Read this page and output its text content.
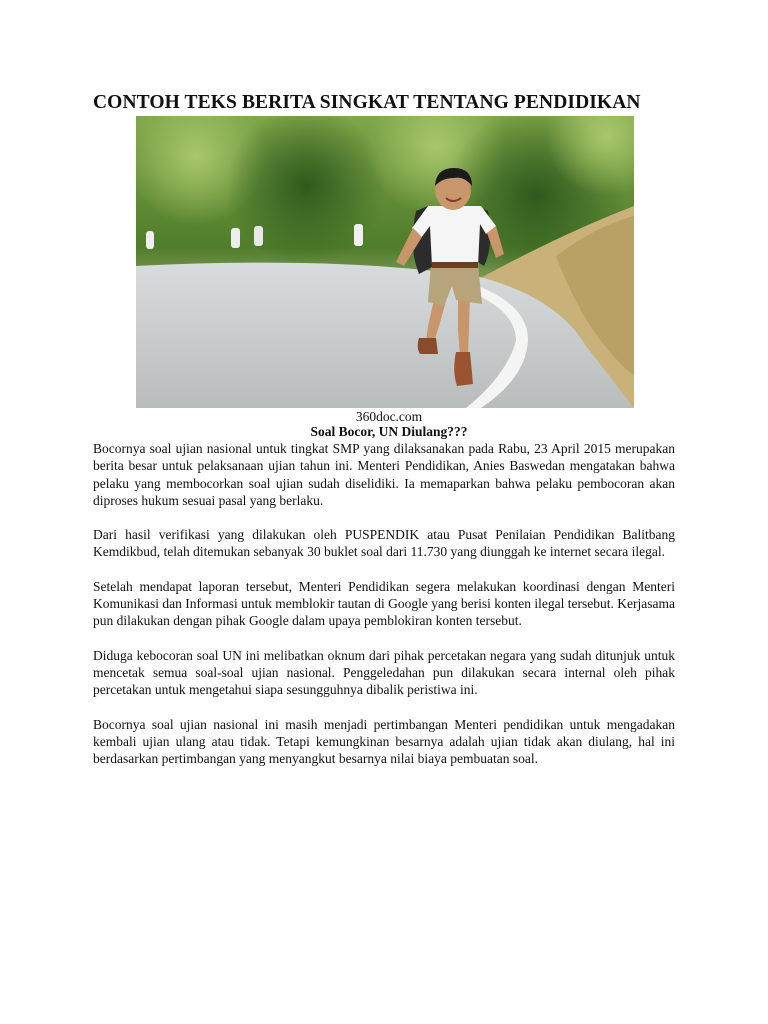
CONTOH TEKS BERITA SINGKAT TENTANG PENDIDIKAN
360doc.com
Soal Bocor, UN Diulang???

Bocornya soal ujian nasional untuk tingkat SMP yang dilaksanakan pada Rabu, 23 April 2015 merupakan berita besar untuk pelaksanaan ujian tahun ini. Menteri Pendidikan, Anies Baswedan mengatakan bahwa pelaku yang membocorkan soal ujian sudah diselidiki. Ia memaparkan bahwa pelaku pembocoran akan diproses hukum sesuai pasal yang berlaku.

Dari hasil verifikasi yang dilakukan oleh PUSPENDIK atau Pusat Penilaian Pendidikan Balitbang Kemdikbud, telah ditemukan sebanyak 30 buklet soal dari 11.730 yang diunggah ke internet secara ilegal.

Setelah mendapat laporan tersebut, Menteri Pendidikan segera melakukan koordinasi dengan Menteri Komunikasi dan Informasi untuk memblokir tautan di Google yang berisi konten ilegal tersebut. Kerjasama pun dilakukan dengan pihak Google dalam upaya pemblokiran konten tersebut.

Diduga kebocoran soal UN ini melibatkan oknum dari pihak percetakan negara yang sudah ditunjuk untuk mencetak semua soal-soal ujian nasional. Penggeledahan pun dilakukan secara internal oleh pihak percetakan untuk mengetahui siapa sesungguhnya dibalik peristiwa ini.

Bocornya soal ujian nasional ini masih menjadi pertimbangan Menteri pendidikan untuk mengadakan kembali ujian ulang atau tidak. Tetapi kemungkinan besarnya adalah ujian tidak akan diulang, hal ini berdasarkan pertimbangan yang menyangkut besarnya nilai biaya pembuatan soal.
